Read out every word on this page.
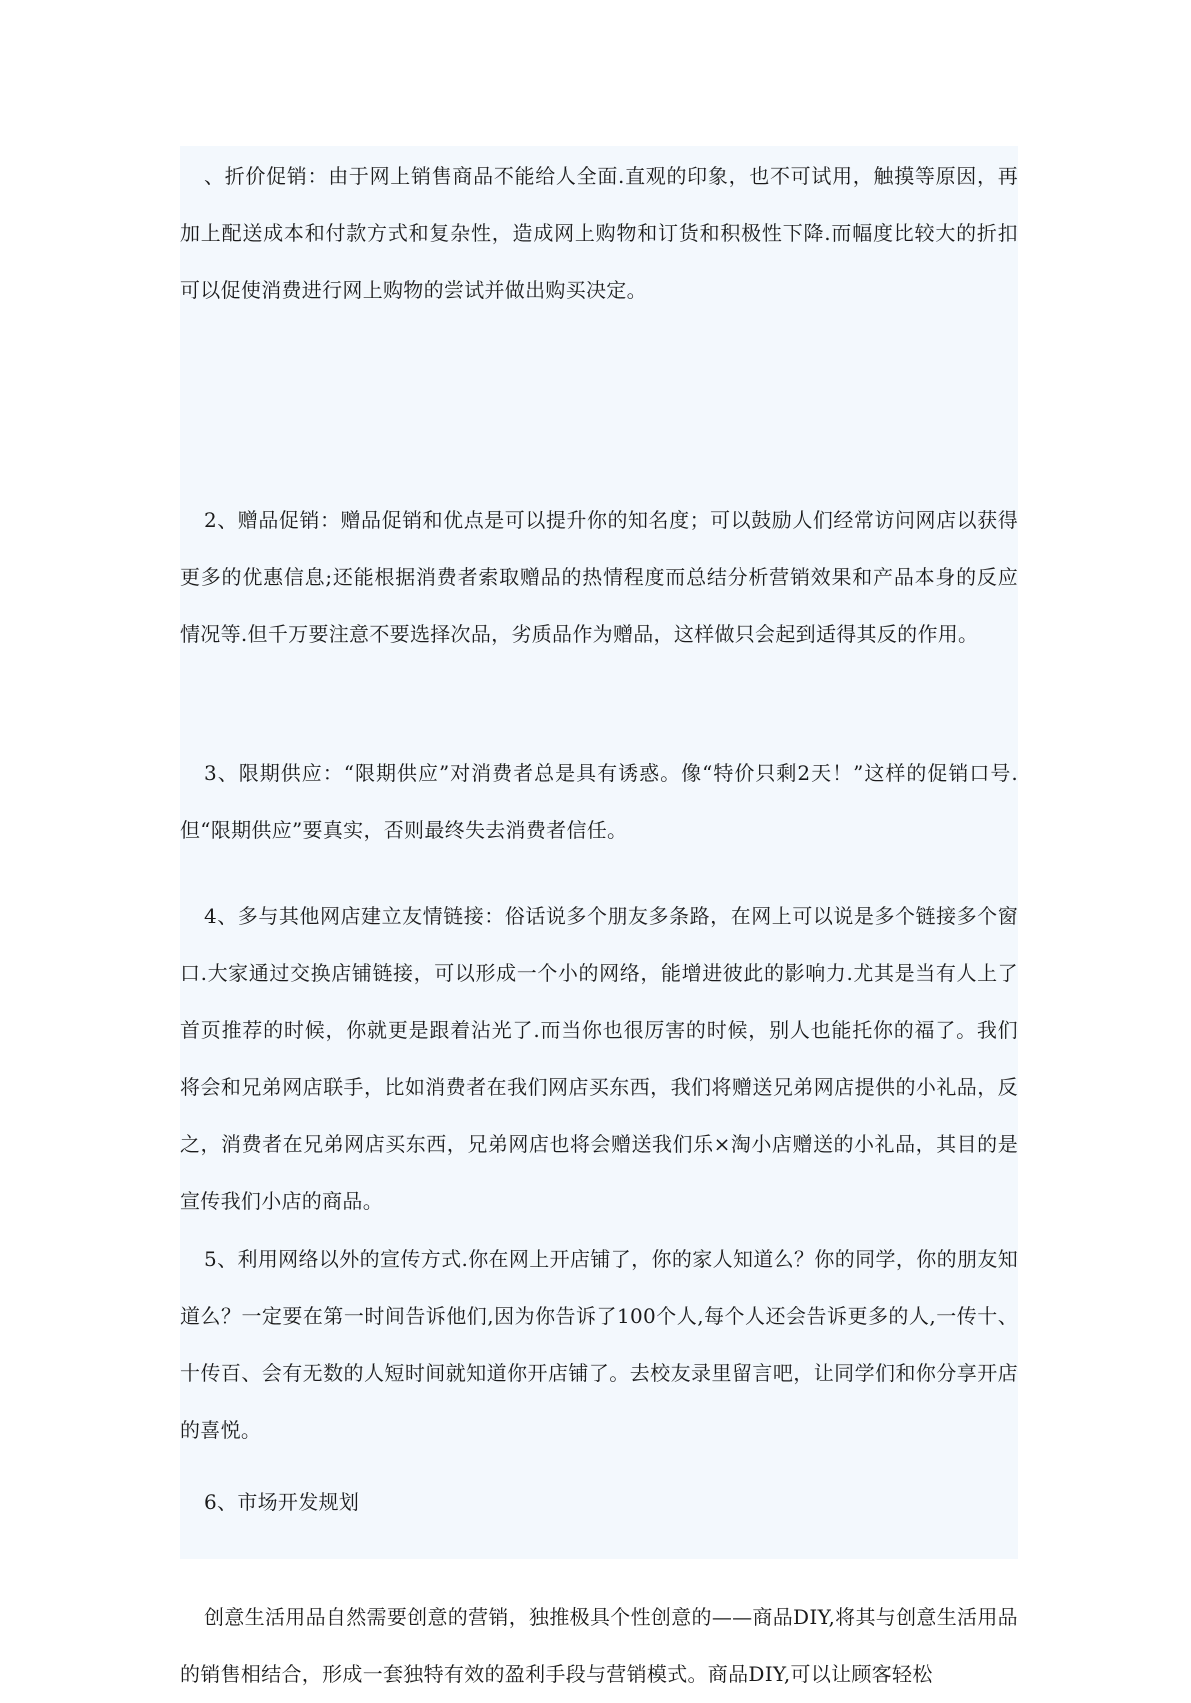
、折价促销：由于网上销售商品不能给人全面.直观的印象，也不可试用，触摸等原因，再加上配送成本和付款方式和复杂性，造成网上购物和订货和积极性下降.而幅度比较大的折扣可以促使消费进行网上购物的尝试并做出购买决定。

2、赠品促销：赠品促销和优点是可以提升你的知名度；可以鼓励人们经常访问网店以获得更多的优惠信息;还能根据消费者索取赠品的热情程度而总结分析营销效果和产品本身的反应情况等.但千万要注意不要选择次品，劣质品作为赠品，这样做只会起到适得其反的作用。

3、限期供应：“限期供应”对消费者总是具有诱惑。像“特价只剩2天！”这样的促销口号.但“限期供应”要真实，否则最终失去消费者信任。

4、多与其他网店建立友情链接：俗话说多个朋友多条路，在网上可以说是多个链接多个窗口.大家通过交换店铺链接，可以形成一个小的网络，能增进彼此的影响力.尤其是当有人上了首页推荐的时候，你就更是跟着沾光了.而当你也很厉害的时候，别人也能托你的福了。我们将会和兄弟网店联手，比如消费者在我们网店买东西，我们将赠送兄弟网店提供的小礼品，反之，消费者在兄弟网店买东西，兄弟网店也将会赠送我们乐×淘小店赠送的小礼品，其目的是宣传我们小店的商品。

5、利用网络以外的宣传方式.你在网上开店铺了，你的家人知道么？你的同学，你的朋友知道么？一定要在第一时间告诉他们,因为你告诉了100个人,每个人还会告诉更多的人,一传十、十传百、会有无数的人短时间就知道你开店铺了。去校友录里留言吧，让同学们和你分享开店的喜悦。

6、市场开发规划

创意生活用品自然需要创意的营销，独推极具个性创意的——商品DIY,将其与创意生活用品的销售相结合，形成一套独特有效的盈利手段与营销模式。商品DIY,可以让顾客轻松
